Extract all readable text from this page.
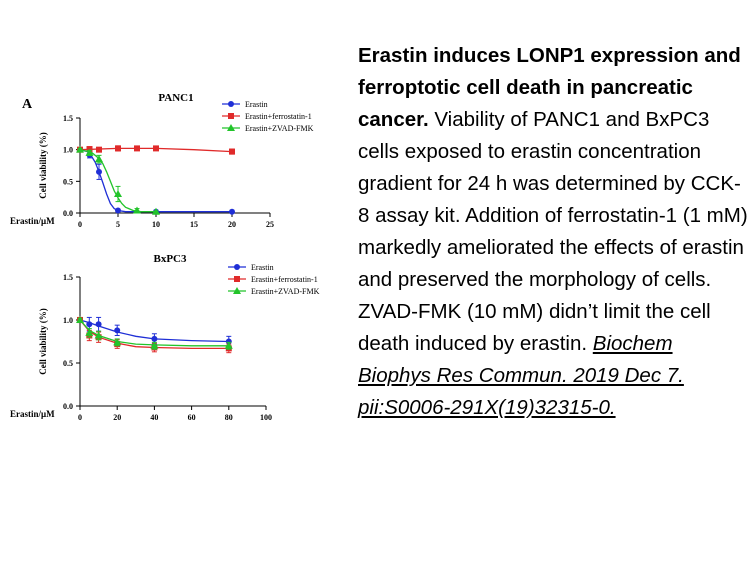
A	PANC1
0.0
0.5
1.0
1.5
0	5	10	15	20	25
Erastin/μM
Cell viability (%)
Erastin
Erastin+ferrostatin-1
Erastin+ZVAD-FMK
BxPC3
0.0
0.5
1.0
1.5
0	20	40	60	80	100
Erastin/μM
Cell viability (%)
Erastin
Erastin+ferrostatin-1
Erastin+ZVAD-FMK
Erastin induces LONP1 expression and ferroptotic cell death in pancreatic cancer. Viability of PANC1 and BxPC3 cells exposed to erastin concentration gradient for 24 h was determined by CCK-8 assay kit. Addition of ferrostatin-1 (1 mM) markedly ameliorated the effects of erastin and preserved the morphology of cells. ZVAD-FMK (10 mM) didn’t limit the cell death induced by erastin. Biochem Biophys Res Commun. 2019 Dec 7. pii:S0006-291X(19)32315-0.
